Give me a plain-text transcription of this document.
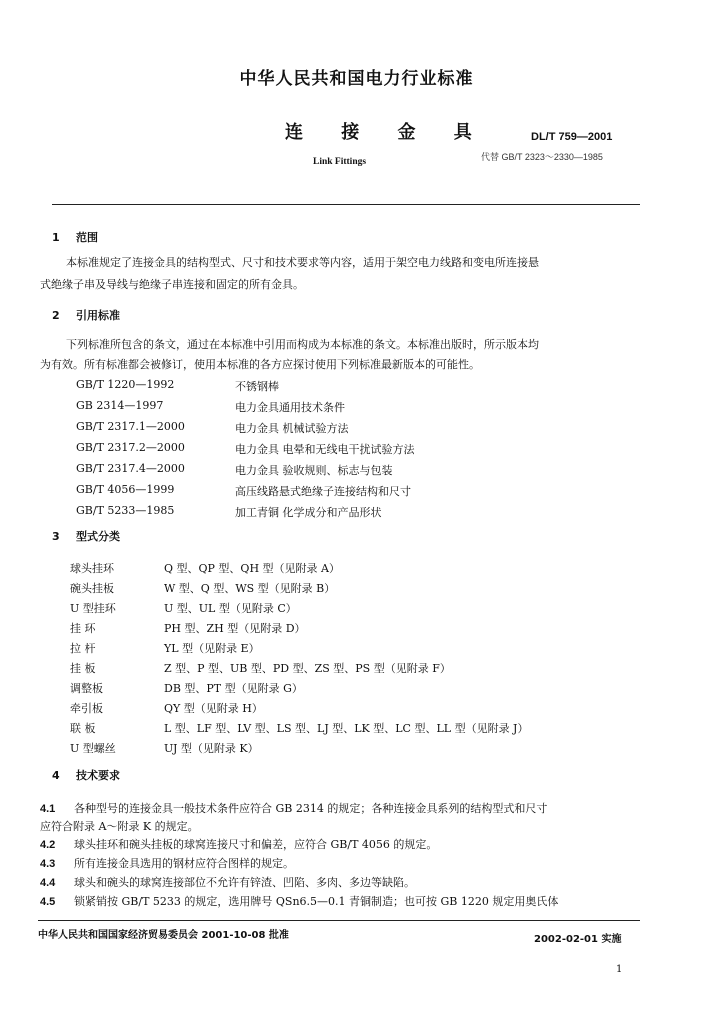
中华人民共和国电力行业标准
连 接 金 具	DL/T 759—2001
Link Fittings	代替 GB/T 2323～2330—1985
1 范围
本标准规定了连接金具的结构型式、尺寸和技术要求等内容，适用于架空电力线路和变电所连接悬
式绝缘子串及导线与绝缘子串连接和固定的所有金具。
2 引用标准
下列标准所包含的条文，通过在本标准中引用而构成为本标准的条文。本标准出版时，所示版本均
为有效。所有标准都会被修订，使用本标准的各方应探讨使用下列标准最新版本的可能性。
GB/T 1220—1992	不锈钢棒
GB 2314—1997	电力金具通用技术条件
GB/T 2317.1—2000	电力金具 机械试验方法
GB/T 2317.2—2000	电力金具 电晕和无线电干扰试验方法
GB/T 2317.4—2000	电力金具 验收规则、标志与包装
GB/T 4056—1999	高压线路悬式绝缘子连接结构和尺寸
GB/T 5233—1985	加工青铜 化学成分和产品形状
3 型式分类
球头挂环	Q 型、QP 型、QH 型（见附录 A）
碗头挂板	W 型、Q 型、WS 型（见附录 B）
U 型挂环	U 型、UL 型（见附录 C）
挂 环	PH 型、ZH 型（见附录 D）
拉 杆	YL 型（见附录 E）
挂 板	Z 型、P 型、UB 型、PD 型、ZS 型、PS 型（见附录 F）
调整板	DB 型、PT 型（见附录 G）
牵引板	QY 型（见附录 H）
联 板	L 型、LF 型、LV 型、LS 型、LJ 型、LK 型、LC 型、LL 型（见附录 J）
U 型螺丝	UJ 型（见附录 K）
4 技术要求
4.1 各种型号的连接金具一般技术条件应符合 GB 2314 的规定；各种连接金具系列的结构型式和尺寸
应符合附录 A～附录 K 的规定。
4.2 球头挂环和碗头挂板的球窝连接尺寸和偏差，应符合 GB/T 4056 的规定。
4.3 所有连接金具选用的钢材应符合图样的规定。
4.4 球头和碗头的球窝连接部位不允许有锌渣、凹陷、多肉、多边等缺陷。
4.5 锁紧销按 GB/T 5233 的规定，选用牌号 QSn6.5—0.1 青铜制造；也可按 GB 1220 规定用奥氏体
中华人民共和国国家经济贸易委员会 2001-10-08 批准	2002-02-01 实施
1
